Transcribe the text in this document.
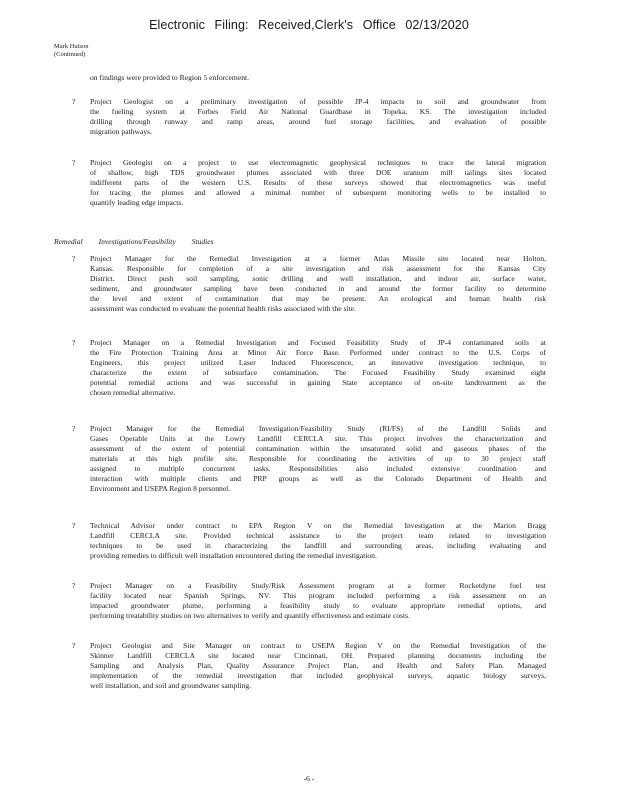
Electronic Filing: Received,Clerk's Office 02/13/2020
Mark Hutson
(Continued)
on findings were provided to Region 5 enforcement.
Remedial Investigations/Feasibility Studies
? Project Geologist on a preliminary investigation of possible JP-4 impacts to soil and groundwater from
the fueling system at Forbes Field Air National Guardbase in Topeka, KS. The investigation included
drilling through runway and ramp areas, around fuel storage facilities, and evaluation of possible
migration pathways.
? Project Geologist on a project to use electromagnetic geophysical techniques to trace the lateral migration
of shallow, high TDS groundwater plumes associated with three DOE uranium mill tailings sites located
indifferent parts of the western U.S. Results of these surveys showed that electromagnetics was useful
for tracing the plumes and allowed a minimal number of subsequent monitoring wells to be installed to
quantify leading edge impacts.
? Project Manager for the Remedial Investigation at a former Atlas Missile site located near Holton,
Kansas. Responsible for completion of a site investigation and risk assessment for the Kansas City
District. Direct push soil sampling, sonic drilling and well installation, and indoor air, surface water,
sediment, and groundwater sampling have been conducted in and around the former facility to determine
the level and extent of contamination that may be present. An ecological and human health risk
assessment was conducted to evaluate the potential health risks associated with the site.
? Project Manager on a Remedial Investigation and Focused Feasibility Study of JP-4 contaminated soils at
the Fire Protection Training Area at Minot Air Force Base. Performed under contract to the U.S. Corps of
Engineers, this project utilized Laser Induced Fluorescence, an innovative investigation technique, to
characterize the extent of subsurface contamination. The Focused Feasibility Study examined eight
potential remedial actions and was successful in gaining State acceptance of on-site landtreatment as the
chosen remedial alternative.
? Project Manager for the Remedial Investigation/Feasibility Study (RI/FS) of the Landfill Solids and
Gases Operable Units at the Lowry Landfill CERCLA site. This project involves the characterization and
assessment of the extent of potential contamination within the unsaturated solid and gaseous phases of the
materials at this high profile site. Responsible for coordinating the activities of up to 30 project staff
assigned to multiple concurrent tasks. Responsibilities also included extensive coordination and
interaction with multiple clients and PRP groups as well as the Colorado Department of Health and
Environment and USEPA Region 8 personnel.
? Technical Advisor under contract to EPA Region V on the Remedial Investigation at the Marion Bragg
Landfill CERCLA site. Provided technical assistance to the project team related to investigation
techniques to be used in characterizing the landfill and surrounding areas, including evaluating and
providing remedies to difficult well installation encountered during the remedial investigation.
? Project Manager on a Feasibility Study/Risk Assessment program at a former Rocketdyne fuel test
facility located near Spanish Springs, NV. This program included performing a risk assessment on an
impacted groundwater plume, performing a feasibility study to evaluate appropriate remedial options, and
performing treatability studies on two alternatives to verify and quantify effectiveness and estimate costs.
? Project Geologist and Site Manager on contract to USEPA Region V on the Remedial Investigation of the
Skinner Landfill CERCLA site located near Cincinnati, OH. Prepared planning documents including the
Sampling and Analysis Plan, Quality Assurance Project Plan, and Health and Safety Plan. Managed
implementation of the remedial investigation that included geophysical surveys, aquatic biology surveys,
well installation, and soil and groundwater sampling.
-6 -
